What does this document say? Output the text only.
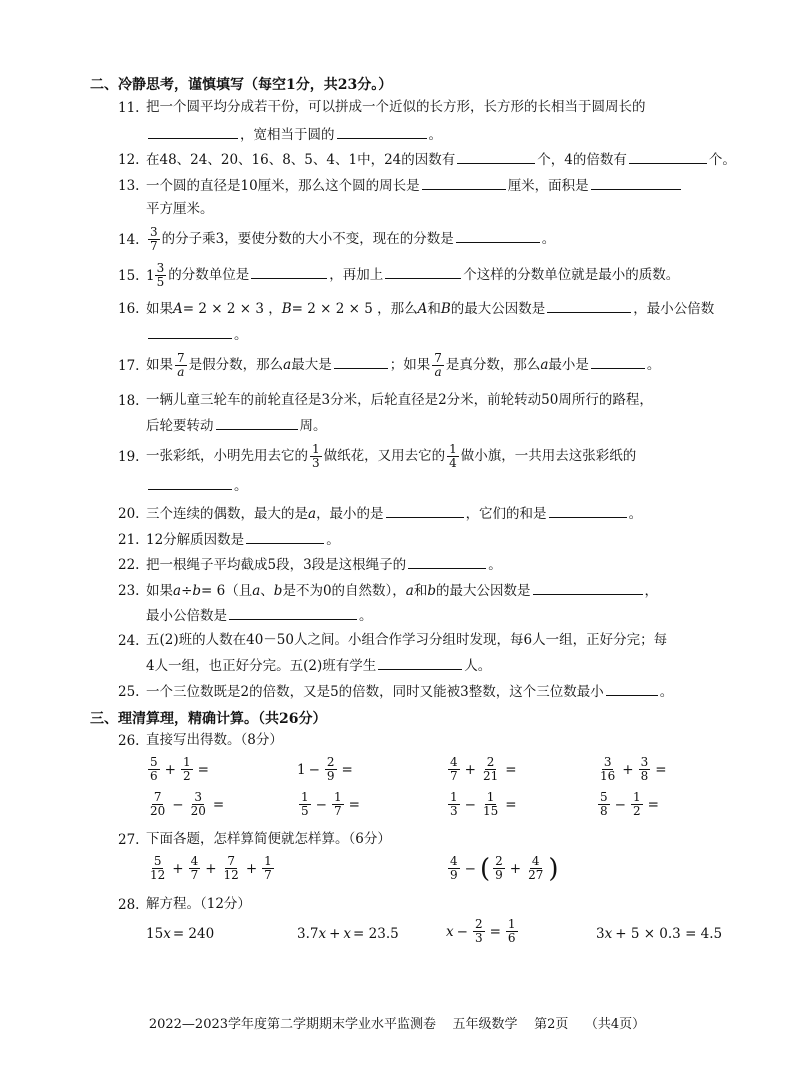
二、冷静思考，谨慎填写（每空1分，共23分。）
11. 把一个圆平均分成若干份，可以拼成一个近似的长方形，长方形的长相当于圆周长的
，宽相当于圆的	。
12. 在48、24、20、16、8、5、4、1中，24的因数有	个，4的倍数有	个。
13. 一个圆的直径是10厘米，那么这个圆的周长是	厘米，面积是
平方厘米。
14. $\frac{3}{7}$ 的分子乘3，要使分数的大小不变，现在的分数是	。
15. $1 \frac{3}{5}$ 的分数单位是	，再加上	个这样的分数单位就是最小的质数。
16. 如果A= 2 × 2 × 3 ，B= 2 × 2 × 5 ，那么A和B的最大公因数是	，最小公倍数
。
17. 如果 $\frac{7}{a}$ 是假分数，那么a最大是	；如果 $\frac{7}{a}$ 是真分数，那么a最小是	。
18. 一辆儿童三轮车的前轮直径是3分米，后轮直径是2分米，前轮转动50周所行的路程，
后轮要转动	周。
19. 一张彩纸，小明先用去它的 $\frac{1}{3}$ 做纸花，又用去它的 $\frac{1}{4}$ 做小旗，一共用去这张彩纸的
。
20. 三个连续的偶数，最大的是a，最小的是	，它们的和是	。
21. 12分解质因数是	。
22. 把一根绳子平均截成5段，3段是这根绳子的	。
23. 如果a÷b= 6（且a、b是不为0的自然数），a和b的最大公因数是	，
最小公倍数是	。
24. 五(2)班的人数在40－50人之间。小组合作学习分组时发现，每6人一组，正好分完；每
4人一组，也正好分完。五(2)班有学生	人。
25. 一个三位数既是2的倍数，又是5的倍数，同时又能被3整数，这个三位数最小	。
三、理清算理，精确计算。（共26分）
26. 直接写出得数。（8分）
$\frac{5}{6} + \frac{1}{2}$ =	$1 - \frac{2}{9}$ =	$\frac{4}{7} + \frac{2}{21}$ =	$\frac{3}{16} + \frac{3}{8}$ =
$\frac{7}{20} - \frac{3}{20}$ =	$\frac{1}{5} - \frac{1}{7}$ =	$\frac{1}{3} - \frac{1}{15}$ =	$\frac{5}{8} - \frac{1}{2}$ =
27. 下面各题，怎样算简便就怎样算。（6分）
$\frac{5}{12} + \frac{4}{7} + \frac{7}{12} + \frac{1}{7}$	$\frac{4}{9}$ − ( $\frac{2}{9} + \frac{4}{27}$ )
28. 解方程。（12分）
15 x = 240	3.7 x + x = 23.5	$x - \frac{2}{3} = \frac{1}{6}$	3 x + 5 × 0.3 = 4.5
2022—2023学年度第二学期期末学业水平监测卷    五年级数学    第2页    （共4页）
